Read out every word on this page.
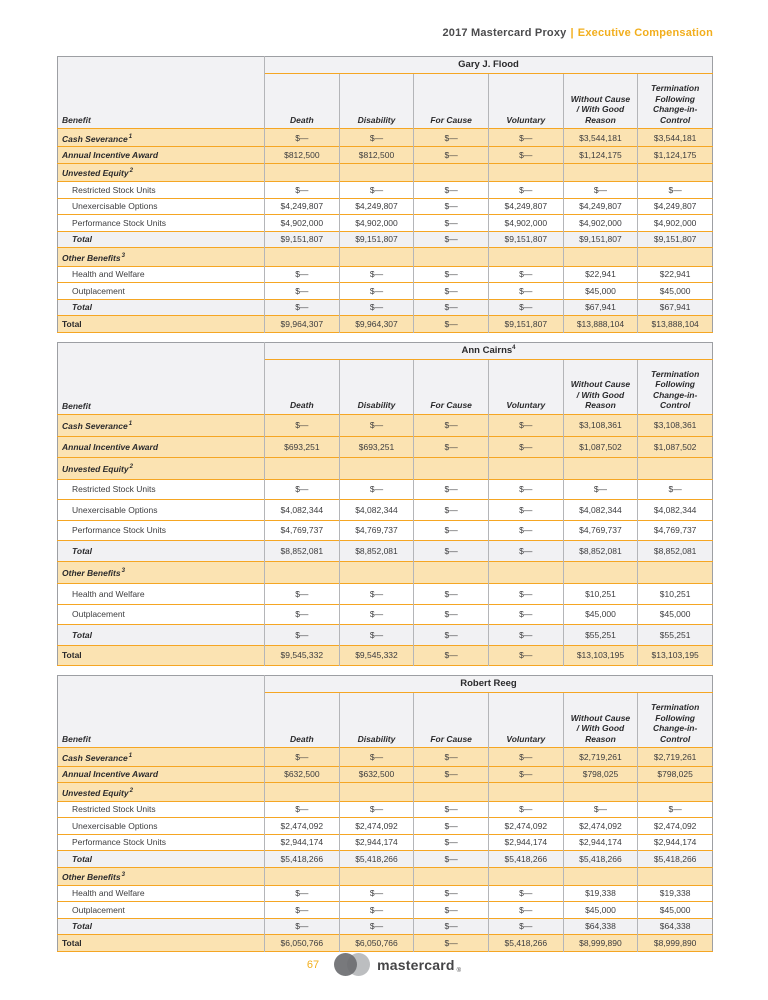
2017 Mastercard Proxy | Executive Compensation
Benefit	Gary J. Flood					
	Death	Disability	For Cause	Voluntary	Without Cause / With Good Reason	Termination Following Change-in-Control
Cash Severance$^1$	$—	$—	$—	$—	$3,544,181	$3,544,181
Annual Incentive Award	$812,500	$812,500	$—	$—	$1,124,175	$1,124,175
Unvested Equity$^2$						
Restricted Stock Units	$—	$—	$—	$—	$—	$—
Unexercisable Options	$4,249,807	$4,249,807	$—	$4,249,807	$4,249,807	$4,249,807
Performance Stock Units	$4,902,000	$4,902,000	$—	$4,902,000	$4,902,000	$4,902,000
Total	$9,151,807	$9,151,807	$—	$9,151,807	$9,151,807	$9,151,807
Other Benefits$^3$						
Health and Welfare	$—	$—	$—	$—	$22,941	$22,941
Outplacement	$—	$—	$—	$—	$45,000	$45,000
Total	$—	$—	$—	$—	$67,941	$67,941
Total	$9,964,307	$9,964,307	$—	$9,151,807	$13,888,104	$13,888,104
Benefit	Ann Cairns$^4$
	Death	Disability	For Cause	Voluntary	Without Cause / With Good Reason	Termination Following Change-in-Control
Cash Severance$^1$	$—	$—	$—	$—	$3,108,361	$3,108,361
Annual Incentive Award	$693,251	$693,251	$—	$—	$1,087,502	$1,087,502
Unvested Equity$^2$						
Restricted Stock Units	$—	$—	$—	$—	$—	$—
Unexercisable Options	$4,082,344	$4,082,344	$—	$—	$4,082,344	$4,082,344
Performance Stock Units	$4,769,737	$4,769,737	$—	$—	$4,769,737	$4,769,737
Total	$8,852,081	$8,852,081	$—	$—	$8,852,081	$8,852,081
Other Benefits$^3$						
Health and Welfare	$—	$—	$—	$—	$10,251	$10,251
Outplacement	$—	$—	$—	$—	$45,000	$45,000
Total	$—	$—	$—	$—	$55,251	$55,251
Total	$9,545,332	$9,545,332	$—	$—	$13,103,195	$13,103,195
Benefit	Robert Reeg					
	Death	Disability	For Cause	Voluntary	Without Cause / With Good Reason	Termination Following Change-in-Control
Cash Severance$^1$	$—	$—	$—	$—	$2,719,261	$2,719,261
Annual Incentive Award	$632,500	$632,500	$—	$—	$798,025	$798,025
Unvested Equity$^2$						
Restricted Stock Units	$—	$—	$—	$—	$—	$—
Unexercisable Options	$2,474,092	$2,474,092	$—	$2,474,092	$2,474,092	$2,474,092
Performance Stock Units	$2,944,174	$2,944,174	$—	$2,944,174	$2,944,174	$2,944,174
Total	$5,418,266	$5,418,266	$—	$5,418,266	$5,418,266	$5,418,266
Other Benefits$^3$						
Health and Welfare	$—	$—	$—	$—	$19,338	$19,338
Outplacement	$—	$—	$—	$—	$45,000	$45,000
Total	$—	$—	$—	$—	$64,338	$64,338
Total	$6,050,766	$6,050,766	$—	$5,418,266	$8,999,890	$8,999,890
67	mastercard ®
